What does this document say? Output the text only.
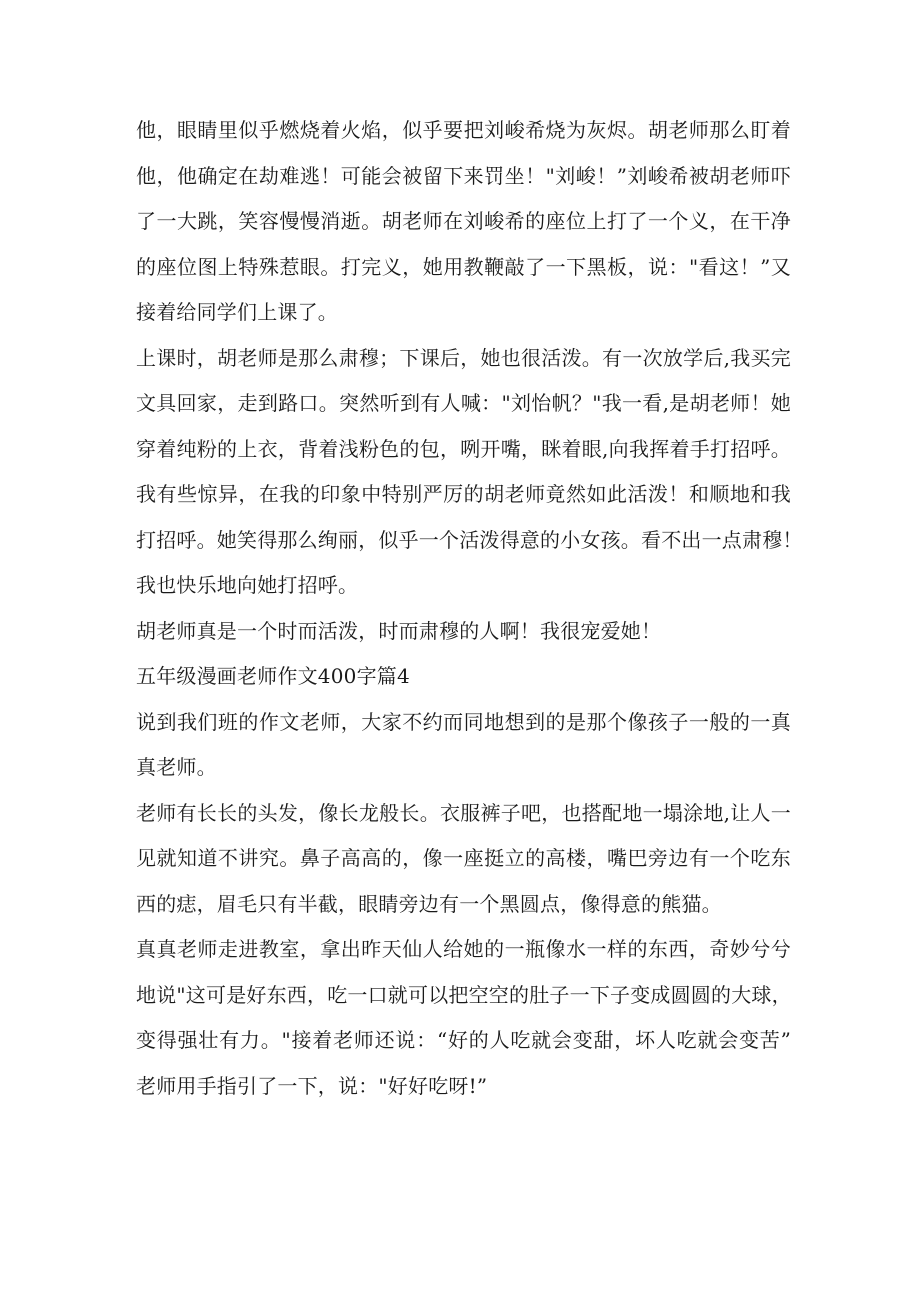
他，眼睛里似乎燃烧着火焰，似乎要把刘峻希烧为灰烬。胡老师那么盯着
他，他确定在劫难逃！可能会被留下来罚坐！"刘峻！”刘峻希被胡老师吓
了一大跳，笑容慢慢消逝。胡老师在刘峻希的座位上打了一个义，在干净
的座位图上特殊惹眼。打完义，她用教鞭敲了一下黑板，说："看这！”又
接着给同学们上课了。
上课时，胡老师是那么肃穆；下课后，她也很活泼。有一次放学后,我买完
文具回家，走到路口。突然听到有人喊："刘怡帆？"我一看,是胡老师！她
穿着纯粉的上衣，背着浅粉色的包，咧开嘴，眯着眼,向我挥着手打招呼。
我有些惊异，在我的印象中特别严厉的胡老师竟然如此活泼！和顺地和我
打招呼。她笑得那么绚丽，似乎一个活泼得意的小女孩。看不出一点肃穆！
我也快乐地向她打招呼。
胡老师真是一个时而活泼，时而肃穆的人啊！我很宠爱她！
五年级漫画老师作文400字篇4
说到我们班的作文老师，大家不约而同地想到的是那个像孩子一般的一真
真老师。
老师有长长的头发，像长龙般长。衣服裤子吧，也搭配地一塌涂地,让人一
见就知道不讲究。鼻子高高的，像一座挺立的高楼，嘴巴旁边有一个吃东
西的痣，眉毛只有半截，眼睛旁边有一个黑圆点，像得意的熊猫。
真真老师走进教室，拿出昨天仙人给她的一瓶像水一样的东西，奇妙兮兮
地说"这可是好东西，吃一口就可以把空空的肚子一下子变成圆圆的大球，
变得强壮有力。"接着老师还说：“好的人吃就会变甜，坏人吃就会变苦”
老师用手指引了一下，说："好好吃呀!”
